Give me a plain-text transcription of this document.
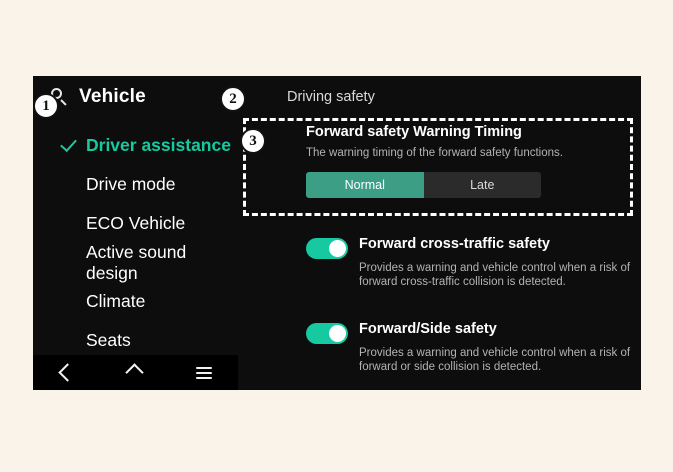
Vehicle
Driver assistance
Drive mode
ECO Vehicle
Active sound design
Climate
Seats
Driving safety
Forward safety Warning Timing
The warning timing of the forward safety functions.
Normal	Late
Forward cross-traffic safety
Provides a warning and vehicle control when a risk of forward cross-traffic collision is detected.
Forward/Side safety
Provides a warning and vehicle control when a risk of forward or side collision is detected.
1	2
3
